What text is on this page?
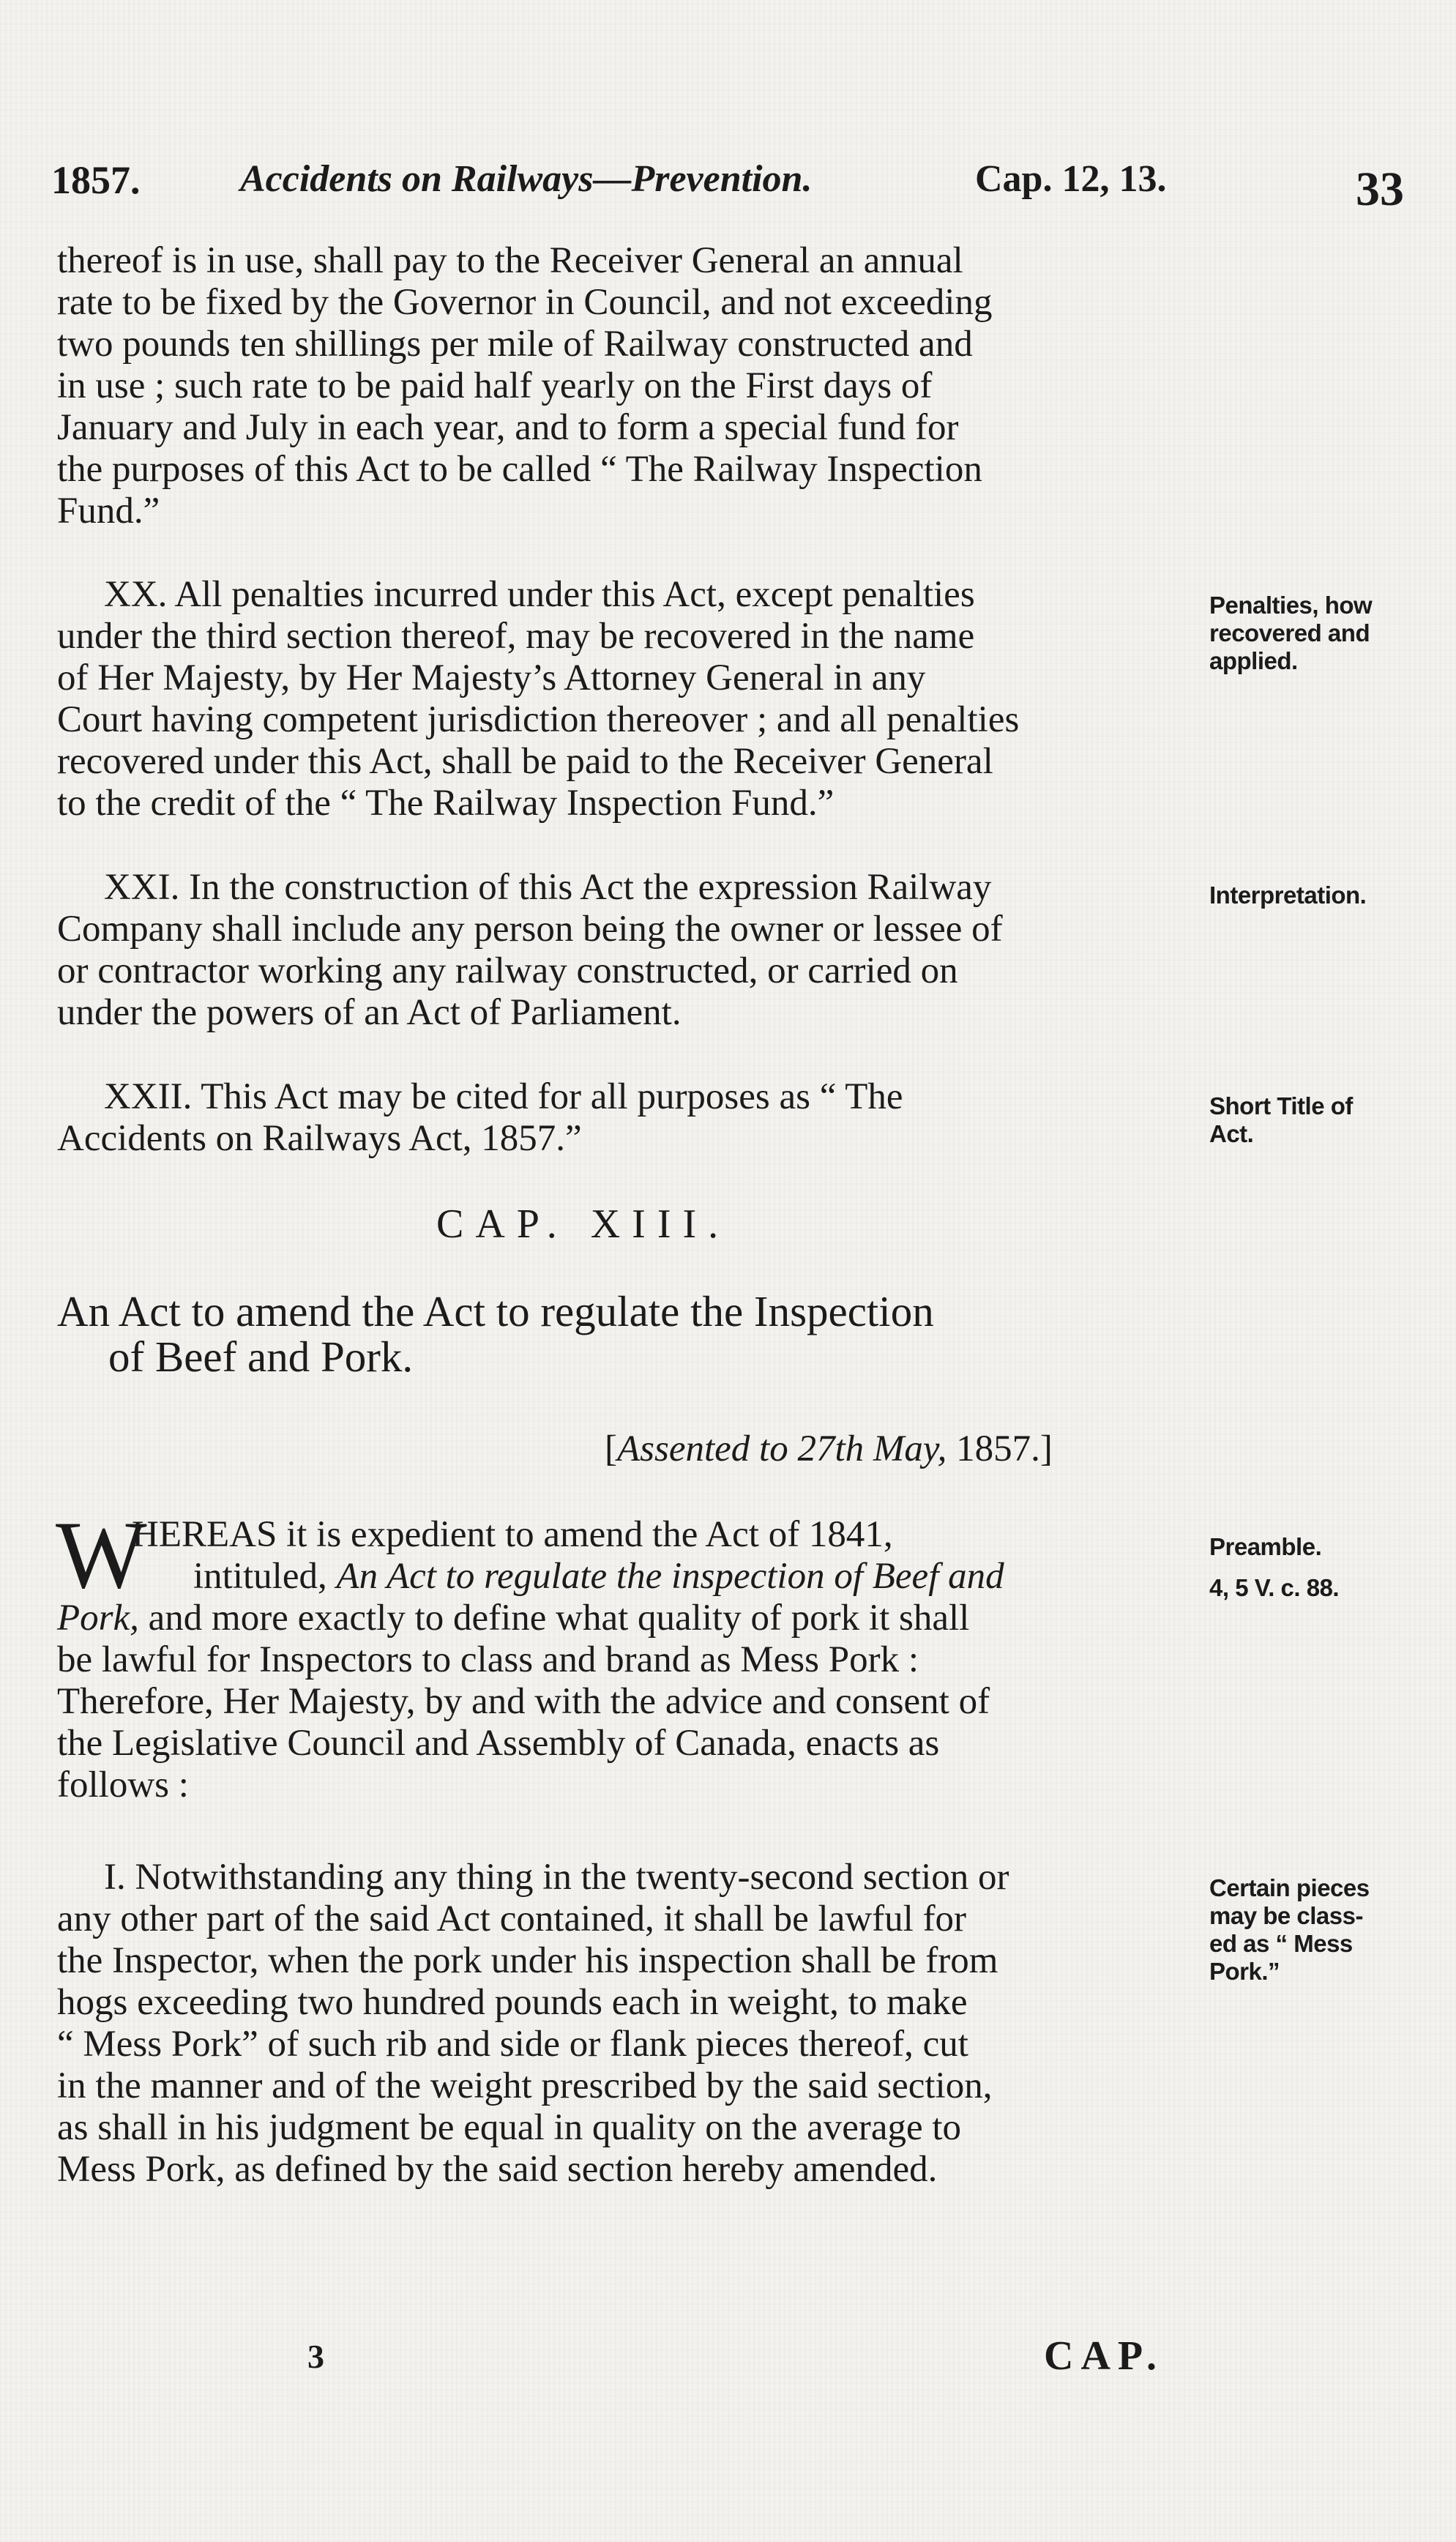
1857.	Accidents on Railways—Prevention.	Cap. 12, 13.	33
thereof is in use, shall pay to the Receiver General an annual
rate to be fixed by the Governor in Council, and not exceeding
two pounds ten shillings per mile of Railway constructed and
in use ; such rate to be paid half yearly on the First days of
January and July in each year, and to form a special fund for
the purposes of this Act to be called “ The Railway Inspection
Fund.”
XX. All penalties incurred under this Act, except penalties
under the third section thereof, may be recovered in the name
of Her Majesty, by Her Majesty’s Attorney General in any
Court having competent jurisdiction thereover ; and all penalties
recovered under this Act, shall be paid to the Receiver General
to the credit of the “ The Railway Inspection Fund.”
Penalties, how
recovered and
applied.
XXI. In the construction of this Act the expression Railway
Company shall include any person being the owner or lessee of
or contractor working any railway constructed, or carried on
under the powers of an Act of Parliament.
Interpretation.
XXII. This Act may be cited for all purposes as “ The
Accidents on Railways Act, 1857.”
Short Title of
Act.
CAP. XIII.
An Act to amend the Act to regulate the Inspection
of Beef and Pork.
[Assented to 27th May, 1857.]
W
HEREAS it is expedient to amend the Act of 1841,
intituled, An Act to regulate the inspection of Beef and
Pork, and more exactly to define what quality of pork it shall
be lawful for Inspectors to class and brand as Mess Pork :
Therefore, Her Majesty, by and with the advice and consent of
the Legislative Council and Assembly of Canada, enacts as
follows :
Preamble.
4, 5 V. c. 88.
I. Notwithstanding any thing in the twenty-second section or
any other part of the said Act contained, it shall be lawful for
the Inspector, when the pork under his inspection shall be from
hogs exceeding two hundred pounds each in weight, to make
“ Mess Pork” of such rib and side or flank pieces thereof, cut
in the manner and of the weight prescribed by the said section,
as shall in his judgment be equal in quality on the average to
Mess Pork, as defined by the said section hereby amended.
Certain pieces
may be class-
ed as “ Mess
Pork.”
3	CAP.
